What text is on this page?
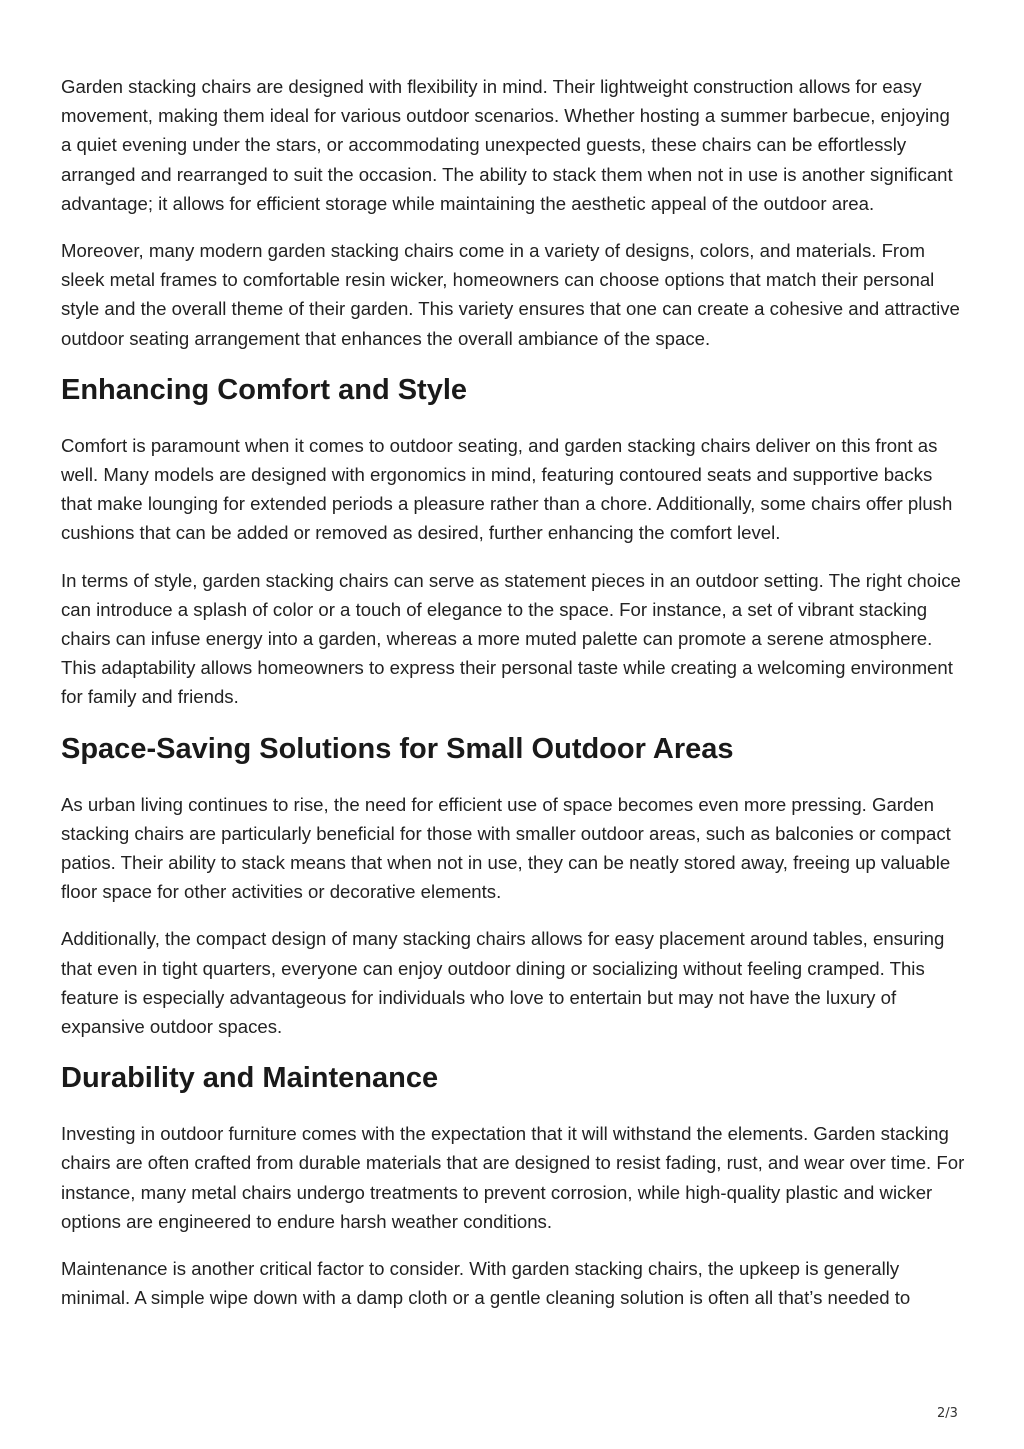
Garden stacking chairs are designed with flexibility in mind. Their lightweight construction allows for easy movement, making them ideal for various outdoor scenarios. Whether hosting a summer barbecue, enjoying a quiet evening under the stars, or accommodating unexpected guests, these chairs can be effortlessly arranged and rearranged to suit the occasion. The ability to stack them when not in use is another significant advantage; it allows for efficient storage while maintaining the aesthetic appeal of the outdoor area.

Moreover, many modern garden stacking chairs come in a variety of designs, colors, and materials. From sleek metal frames to comfortable resin wicker, homeowners can choose options that match their personal style and the overall theme of their garden. This variety ensures that one can create a cohesive and attractive outdoor seating arrangement that enhances the overall ambiance of the space.

Enhancing Comfort and Style

Comfort is paramount when it comes to outdoor seating, and garden stacking chairs deliver on this front as well. Many models are designed with ergonomics in mind, featuring contoured seats and supportive backs that make lounging for extended periods a pleasure rather than a chore. Additionally, some chairs offer plush cushions that can be added or removed as desired, further enhancing the comfort level.

In terms of style, garden stacking chairs can serve as statement pieces in an outdoor setting. The right choice can introduce a splash of color or a touch of elegance to the space. For instance, a set of vibrant stacking chairs can infuse energy into a garden, whereas a more muted palette can promote a serene atmosphere. This adaptability allows homeowners to express their personal taste while creating a welcoming environment for family and friends.

Space-Saving Solutions for Small Outdoor Areas

As urban living continues to rise, the need for efficient use of space becomes even more pressing. Garden stacking chairs are particularly beneficial for those with smaller outdoor areas, such as balconies or compact patios. Their ability to stack means that when not in use, they can be neatly stored away, freeing up valuable floor space for other activities or decorative elements.

Additionally, the compact design of many stacking chairs allows for easy placement around tables, ensuring that even in tight quarters, everyone can enjoy outdoor dining or socializing without feeling cramped. This feature is especially advantageous for individuals who love to entertain but may not have the luxury of expansive outdoor spaces.

Durability and Maintenance

Investing in outdoor furniture comes with the expectation that it will withstand the elements. Garden stacking chairs are often crafted from durable materials that are designed to resist fading, rust, and wear over time. For instance, many metal chairs undergo treatments to prevent corrosion, while high-quality plastic and wicker options are engineered to endure harsh weather conditions.

Maintenance is another critical factor to consider. With garden stacking chairs, the upkeep is generally minimal. A simple wipe down with a damp cloth or a gentle cleaning solution is often all that’s needed to

2/3
